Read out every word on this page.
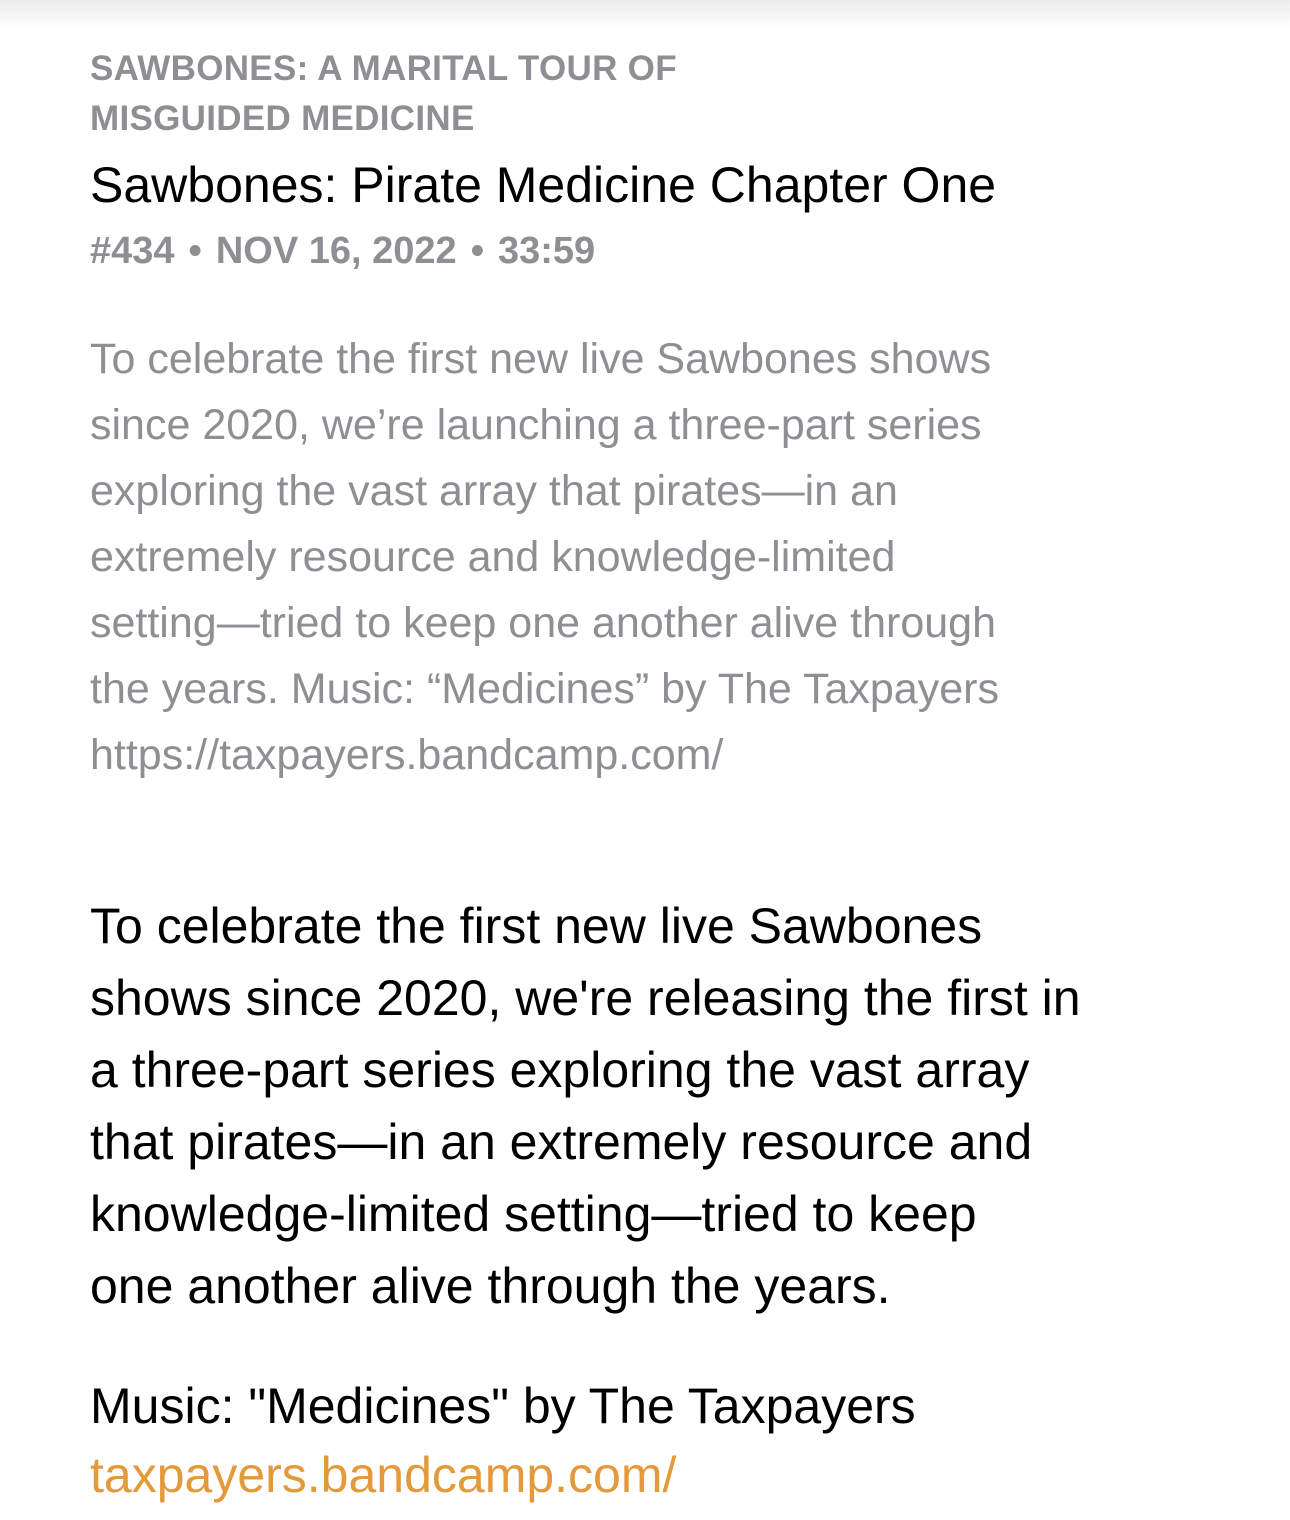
SAWBONES: A MARITAL TOUR OF
MISGUIDED MEDICINE
Sawbones: Pirate Medicine Chapter One
#434 • NOV 16, 2022 • 33:59
To celebrate the first new live Sawbones shows
since 2020, we’re launching a three-part series
exploring the vast array that pirates—in an
extremely resource and knowledge-limited
setting—tried to keep one another alive through
the years. Music: “Medicines” by The Taxpayers
https://taxpayers.bandcamp.com/
To celebrate the first new live Sawbones
shows since 2020, we're releasing the first in
a three-part series exploring the vast array
that pirates—in an extremely resource and
knowledge-limited setting—tried to keep
one another alive through the years.
Music: "Medicines" by The Taxpayers
taxpayers.bandcamp.com/
